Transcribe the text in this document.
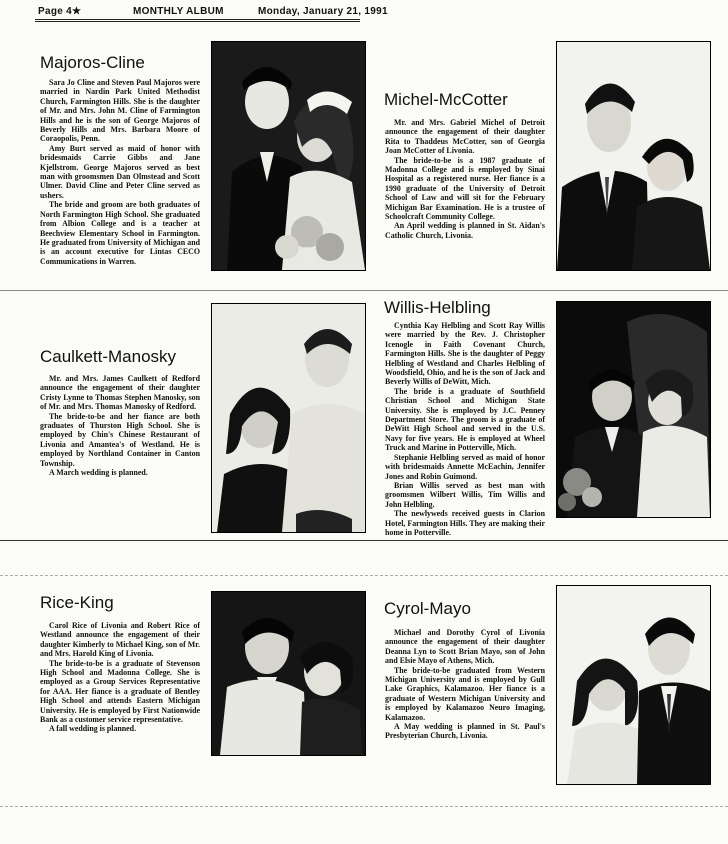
Page 4★	MONTHLY ALBUM	Monday, January 21, 1991
Majoros-Cline

Sara Jo Cline and Steven Paul Majoros were married in Nardin Park United Methodist Church, Farmington Hills. She is the daughter of Mr. and Mrs. John M. Cline of Farmington Hills and he is the son of George Majoros of Beverly Hills and Mrs. Barbara Moore of Coraopolis, Penn.

Amy Burt served as maid of honor with bridesmaids Carrie Gibbs and Jane Kjellstrom. George Majoros served as best man with groomsmen Dan Olmstead and Scott Ulmer. David Cline and Peter Cline served as ushers.

The bride and groom are both graduates of North Farmington High School. She graduated from Albion College and is a teacher at Beechview Elementary School in Farmington. He graduated from University of Michigan and is an account executive for Lintas CECO Communications in Warren.

Michel-McCotter

Mr. and Mrs. Gabriel Michel of Detroit announce the engagement of their daughter Rita to Thaddeus McCotter, son of Georgia Joan McCotter of Livonia.

The bride-to-be is a 1987 graduate of Madonna College and is employed by Sinai Hospital as a registered nurse. Her fiance is a 1990 graduate of the University of Detroit School of Law and will sit for the February Michigan Bar Examination. He is a trustee of Schoolcraft Community College.

An April wedding is planned in St. Aidan's Catholic Church, Livonia.

Caulkett-Manosky

Mr. and Mrs. James Caulkett of Redford announce the engagement of their daughter Cristy Lynne to Thomas Stephen Manosky, son of Mr. and Mrs. Thomas Manosky of Redford.

The bride-to-be and her fiance are both graduates of Thurston High School. She is employed by Chin's Chinese Restaurant of Livonia and Amantea's of Westland. He is employed by Northland Container in Canton Township.

A March wedding is planned.

Willis-Helbling

Cynthia Kay Helbling and Scott Ray Willis were married by the Rev. J. Christopher Icenogle in Faith Covenant Church, Farmington Hills. She is the daughter of Peggy Helbling of Westland and Charles Helbling of Woodsfield, Ohio, and he is the son of Jack and Beverly Willis of DeWitt, Mich.

The bride is a graduate of Southfield Christian School and Michigan State University. She is employed by J.C. Penney Department Store. The groom is a graduate of DeWitt High School and served in the U.S. Navy for five years. He is employed at Wheel Truck and Marine in Potterville, Mich.

Stephanie Helbling served as maid of honor with bridesmaids Annette McEachin, Jennifer Jones and Robin Guimond.

Brian Willis served as best man with groomsmen Wilbert Willis, Tim Willis and John Helbling.

The newlyweds received guests in Clarion Hotel, Farmington Hills. They are making their home in Potterville.

Rice-King

Carol Rice of Livonia and Robert Rice of Westland announce the engagement of their daughter Kimberly to Michael King, son of Mr. and Mrs. Harold King of Livonia.

The bride-to-be is a graduate of Stevenson High School and Madonna College. She is employed as a Group Services Representative for AAA. Her fiance is a graduate of Bentley High School and attends Eastern Michigan University. He is employed by First Nationwide Bank as a customer service representative.

A fall wedding is planned.

Cyrol-Mayo

Michael and Dorothy Cyrol of Livonia announce the engagement of their daughter Deanna Lyn to Scott Brian Mayo, son of John and Elsie Mayo of Athens, Mich.

The bride-to-be graduated from Western Michigan University and is employed by Gull Lake Graphics, Kalamazoo. Her fiance is a graduate of Western Michigan University and is employed by Kalamazoo Neuro Imaging, Kalamazoo.

A May wedding is planned in St. Paul's Presbyterian Church, Livonia.
